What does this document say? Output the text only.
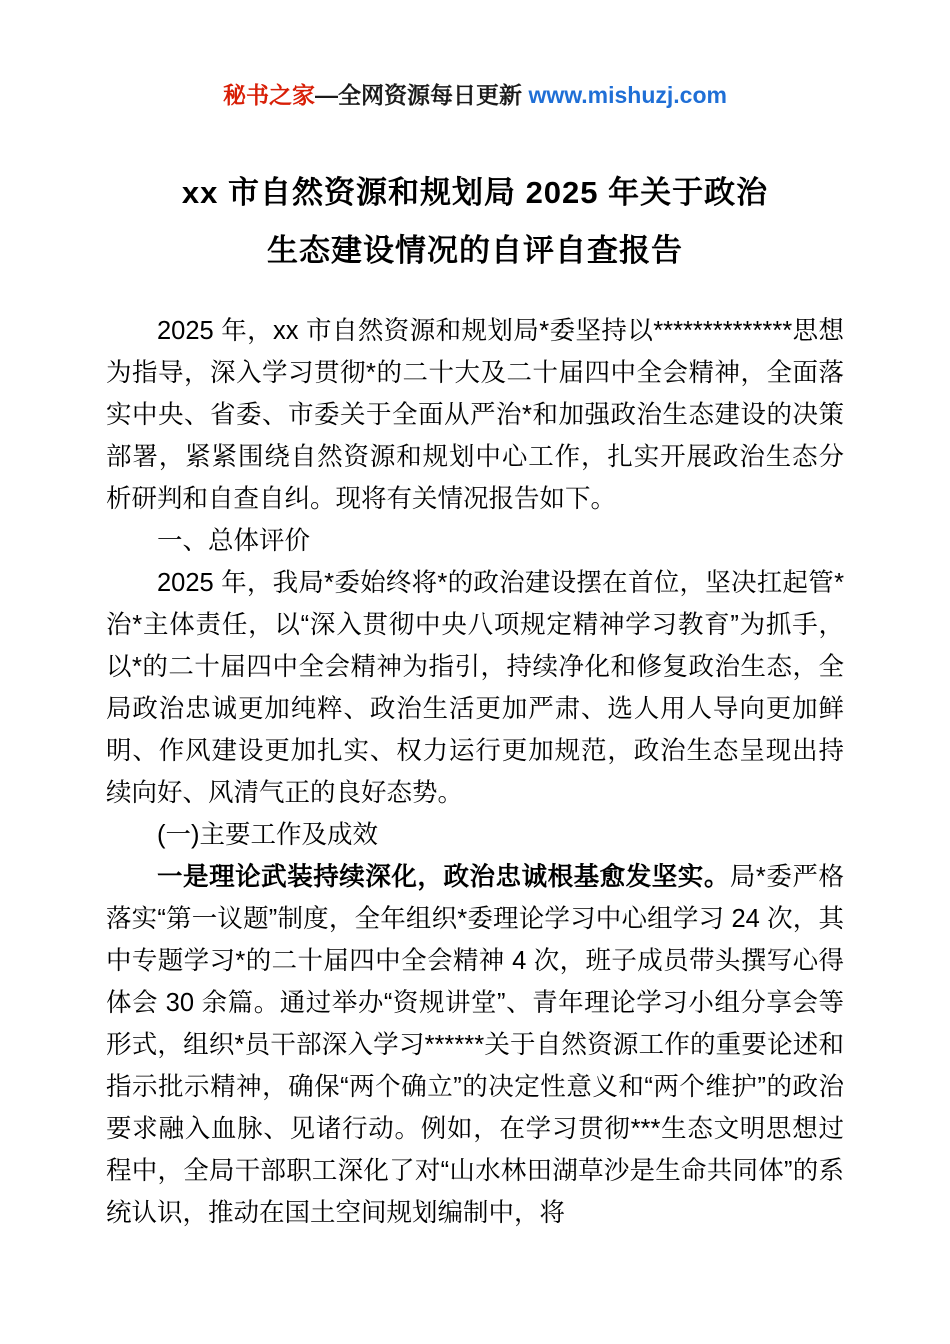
秘书之家—全网资源每日更新 www.mishuzj.com
xx 市自然资源和规划局 2025 年关于政治
生态建设情况的自评自查报告

2025 年，xx 市自然资源和规划局*委坚持以**************思想为指导，深入学习贯彻*的二十大及二十届四中全会精神，全面落实中央、省委、市委关于全面从严治*和加强政治生态建设的决策部署，紧紧围绕自然资源和规划中心工作，扎实开展政治生态分析研判和自查自纠。现将有关情况报告如下。

一、总体评价

2025 年，我局*委始终将*的政治建设摆在首位，坚决扛起管*治*主体责任，以“深入贯彻中央八项规定精神学习教育”为抓手，以*的二十届四中全会精神为指引，持续净化和修复政治生态，全局政治忠诚更加纯粹、政治生活更加严肃、选人用人导向更加鲜明、作风建设更加扎实、权力运行更加规范，政治生态呈现出持续向好、风清气正的良好态势。

(一)主要工作及成效

一是理论武装持续深化，政治忠诚根基愈发坚实。局*委严格落实“第一议题”制度，全年组织*委理论学习中心组学习 24 次，其中专题学习*的二十届四中全会精神 4 次，班子成员带头撰写心得体会 30 余篇。通过举办“资规讲堂”、青年理论学习小组分享会等形式，组织*员干部深入学习******关于自然资源工作的重要论述和指示批示精神，确保“两个确立”的决定性意义和“两个维护”的政治要求融入血脉、见诸行动。例如，在学习贯彻***生态文明思想过程中，全局干部职工深化了对“山水林田湖草沙是生命共同体”的系统认识，推动在国土空间规划编制中，将
